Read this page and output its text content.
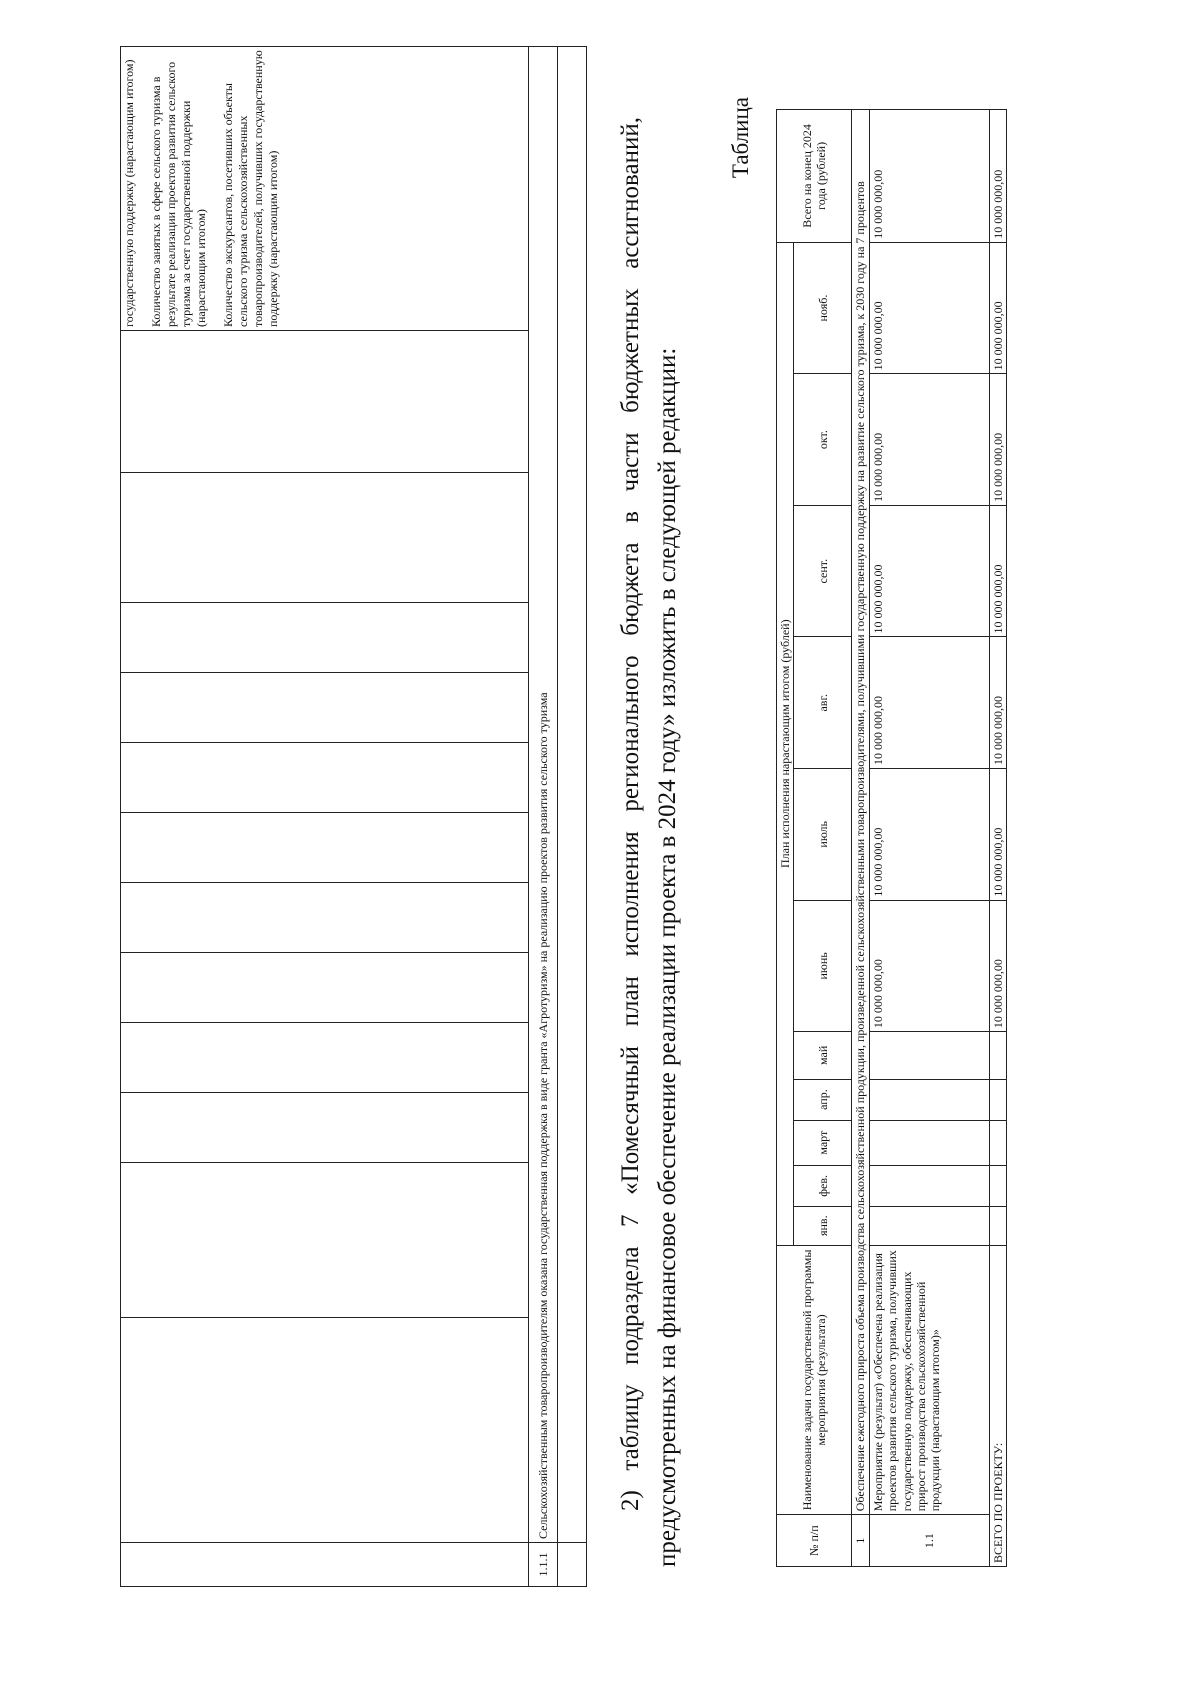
													государственную поддержку (нарастающим итогом) Количество занятых в сфере сельского туризма в результате реализации проектов развития сельского туризма за счет государственной поддержки (нарастающим итогом) Количество экскурсантов, посетивших объекты сельского туризма сельскохозяйственных товаропроизводителей, получивших государственную поддержку (нарастающим итогом)

1.1.1	Сельскохозяйственным товаропроизводителям оказана государственная поддержка в виде гранта «Агротуризм» на реализацию проектов развития сельского туризма												
		2) таблицу подраздела 7 «Помесячный план исполнения регионального бюджета в части бюджетных ассигнований, предусмотренных на финансовое обеспечение реализации проекта в 2024 году» изложить в следующей редакции:

Таблица
№ п/п	Наименование задачи государственной программы мероприятия (результата)	План исполнения нарастающим итогом (рублей)											Всего на конец 2024 года (рублей)
		янв.	фев.	март	апр.	май	июнь	июль	авг.	сент.	окт.	нояб.	
1	Обеспечение ежегодного прироста объема производства сельскохозяйственной продукции, произведенной сельскохозяйственными товаропроизводителями, получившими государственную поддержку на развитие сельского туризма, к 2030 году на 7 процентов												
1.1	Мероприятие (результат) «Обеспечена реализация проектов развития сельского туризма, получивших государственную поддержку, обеспечивающих прирост производства сельскохозяйственной продукции (нарастающим итогом)»						10 000 000,00	10 000 000,00	10 000 000,00	10 000 000,00	10 000 000,00	10 000 000,00	10 000 000,00
ВСЕГО ПО ПРОЕКТУ:							10 000 000,00	10 000 000,00	10 000 000,00	10 000 000,00	10 000 000,00	10 000 000,00	10 000 000,00
